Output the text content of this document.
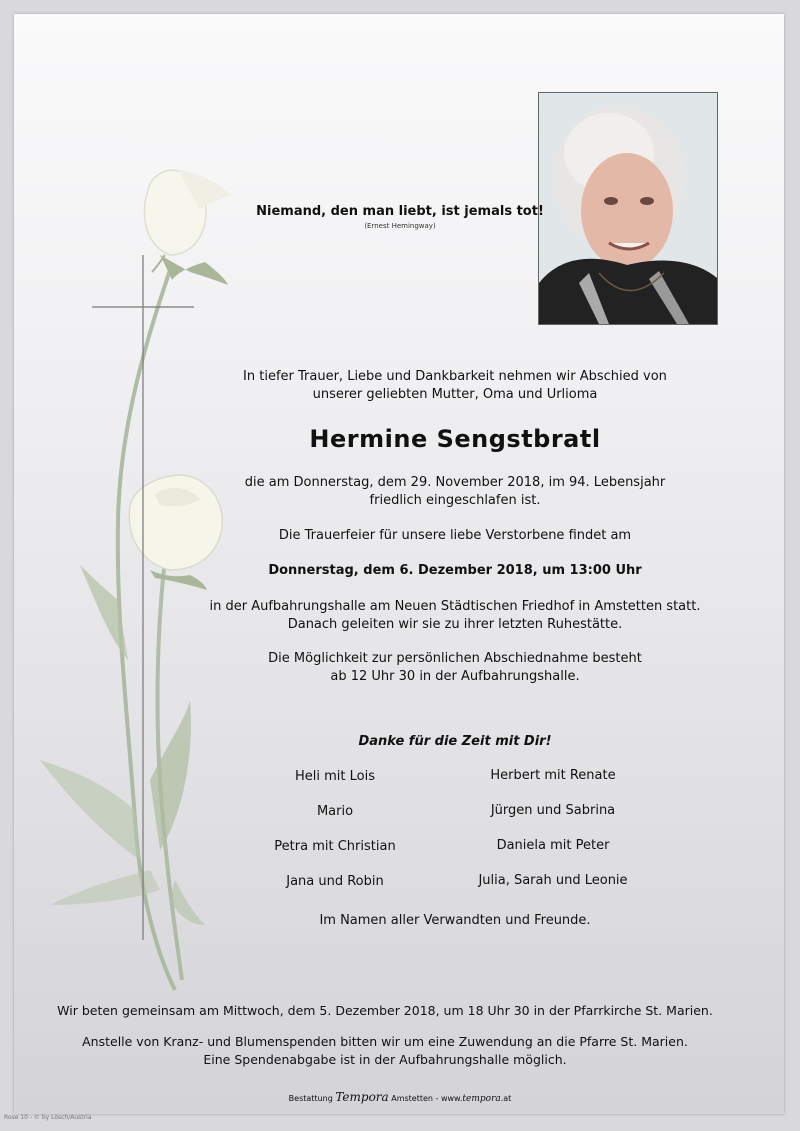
Niemand, den man liebt, ist jemals tot!
(Ernest Hemingway)
In tiefer Trauer, Liebe und Dankbarkeit nehmen wir Abschied von
unserer geliebten Mutter, Oma und Urlioma
Hermine Sengstbratl
die am Donnerstag, dem 29. November 2018, im 94. Lebensjahr
friedlich eingeschlafen ist.
Die Trauerfeier für unsere liebe Verstorbene findet am
Donnerstag, dem 6. Dezember 2018, um 13:00 Uhr
in der Aufbahrungshalle am Neuen Städtischen Friedhof in Amstetten statt.
Danach geleiten wir sie zu ihrer letzten Ruhestätte.
Die Möglichkeit zur persönlichen Abschiednahme besteht
ab 12 Uhr 30 in der Aufbahrungshalle.
Danke für die Zeit mit Dir!
Heli mit Lois
Mario
Petra mit Christian
Jana und Robin
Herbert mit Renate
Jürgen und Sabrina
Daniela mit Peter
Julia, Sarah und Leonie
Im Namen aller Verwandten und Freunde.
Wir beten gemeinsam am Mittwoch, dem 5. Dezember 2018, um 18 Uhr 30 in der Pfarrkirche St. Marien.
Anstelle von Kranz- und Blumenspenden bitten wir um eine Zuwendung an die Pfarre St. Marien.
Eine Spendenabgabe ist in der Aufbahrungshalle möglich.
Bestattung Tempora Amstetten - www.tempora.at
Rose 10 - © by Lösch/Austria
